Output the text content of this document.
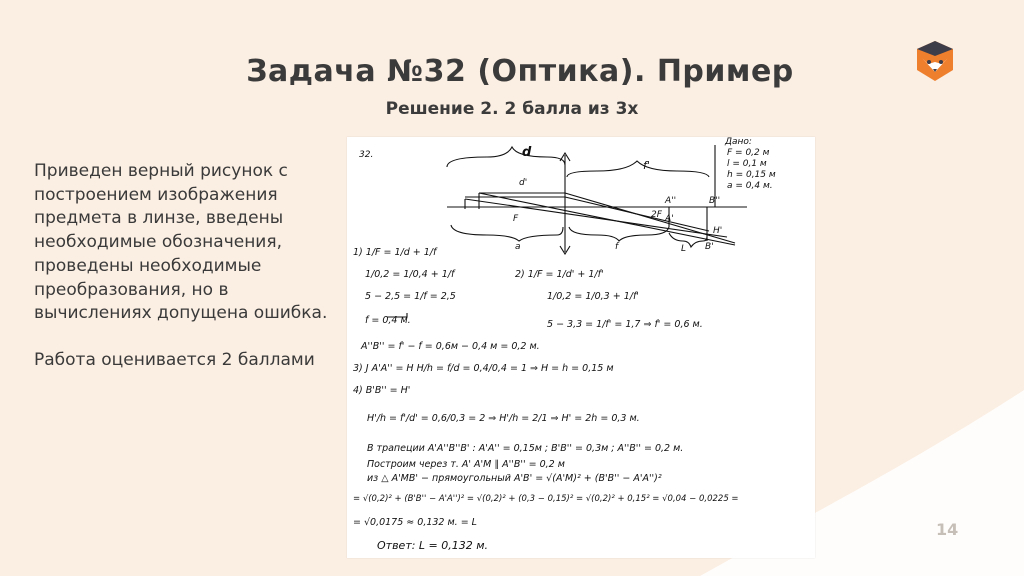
Задача №32 (Оптика). Пример
Решение 2. 2 балла из 3х

Приведен верный рисунок с построением изображения предмета в линзе, введены необходимые обозначения, проведены необходимые преобразования, но в вычислениях допущена ошибка.

Работа оценивается 2 баллами

32.
Дано:
F = 0,2 м
l = 0,1 м
h = 0,15 м
a = 0,4 м.
d
d'
f'
F	2F
a	f	L B'
H'
A''	B''
A'
1) 1/F = 1/d + 1/f
1/0,2 = 1/0,4 + 1/f
5 − 2,5 = 1/f = 2,5
f = 0,4 м.
2) 1/F = 1/d' + 1/f'
1/0,2 = 1/0,3 + 1/f'
5 − 3,3 = 1/f' = 1,7 ⇒ f' = 0,6 м.
A''B'' = f' − f = 0,6м − 0,4 м = 0,2 м.
3) J A'A'' = H H/h = f/d = 0,4/0,4 = 1 ⇒ H = h = 0,15 м
4) B'B'' = H'
H'/h = f'/d' = 0,6/0,3 = 2 ⇒ H'/h = 2/1 ⇒ H' = 2h = 0,3 м.
В трапеции A'A''B''B' : A'A'' = 0,15м ; B'B'' = 0,3м ; A''B'' = 0,2 м.
Построим через т. A' A'M ∥ A''B'' = 0,2 м
из △ A'MB' − прямоугольный A'B' = √(A'M)² + (B'B'' − A'A'')²
= √(0,2)² + (B'B'' − A'A'')² = √(0,2)² + (0,3 − 0,15)² = √(0,2)² + 0,15² = √0,04 − 0,0225 =
= √0,0175 ≈ 0,132 м. = L
Ответ: L = 0,132 м.
14
